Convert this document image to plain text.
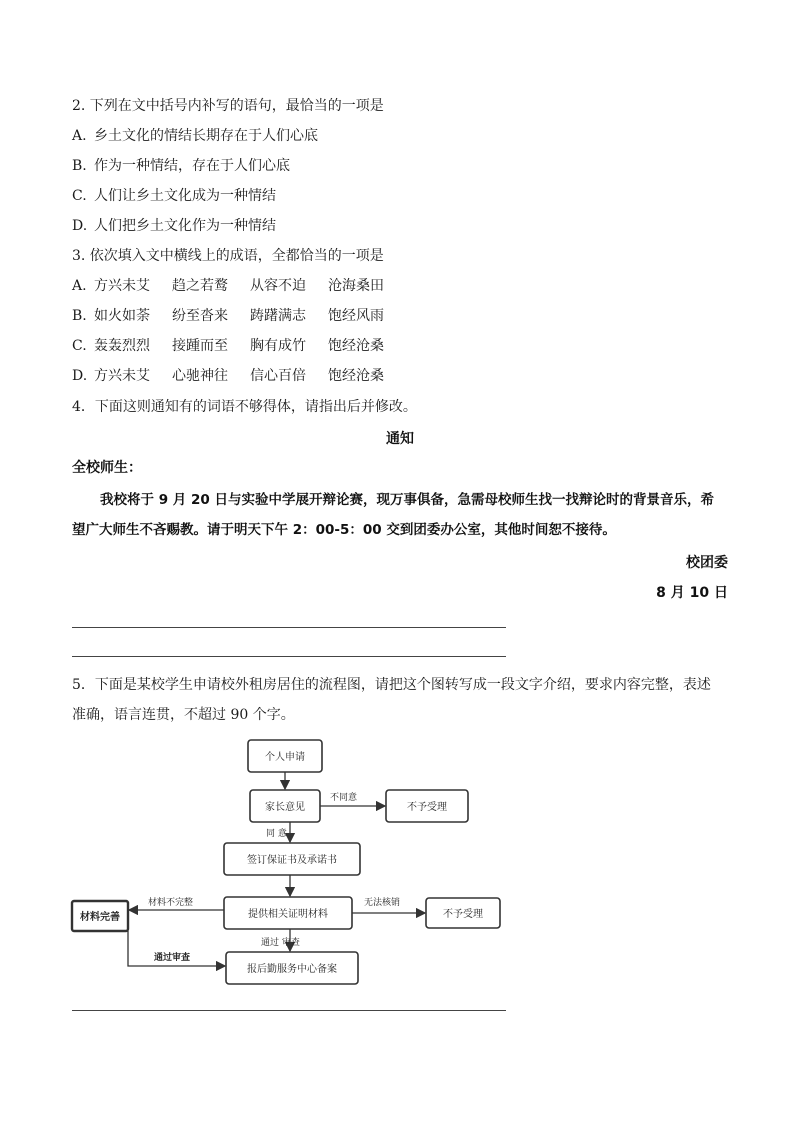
2. 下列在文中括号内补写的语句，最恰当的一项是
A. 乡土文化的情结长期存在于人们心底
B. 作为一种情结，存在于人们心底
C. 人们让乡土文化成为一种情结
D. 人们把乡土文化作为一种情结
3. 依次填入文中横线上的成语，全都恰当的一项是
A. 方兴未艾 趋之若鹜 从容不迫 沧海桑田
B. 如火如荼 纷至沓来 踌躇满志 饱经风雨
C. 轰轰烈烈 接踵而至 胸有成竹 饱经沧桑
D. 方兴未艾 心驰神往 信心百倍 饱经沧桑
4．下面这则通知有的词语不够得体，请指出后并修改。
通知
全校师生：
我校将于 9 月 20 日与实验中学展开辩论赛，现万事俱备，急需母校师生找一找辩论时的背景音乐，希
望广大师生不吝赐教。请于明天下午 2：00-5：00 交到团委办公室，其他时间恕不接待。
校团委
8 月 10 日
5．下面是某校学生申请校外租房居住的流程图，请把这个图转写成一段文字介绍，要求内容完整，表述
准确，语言连贯，不超过 90 个字。
个人申请
家长意见	不予受理
签订保证书及承诺书
提供相关证明材料	不予受理
材料完善
报后勤服务中心备案
不同意
同 意
材料不完整	无法核销
通过 审查
通过审查
